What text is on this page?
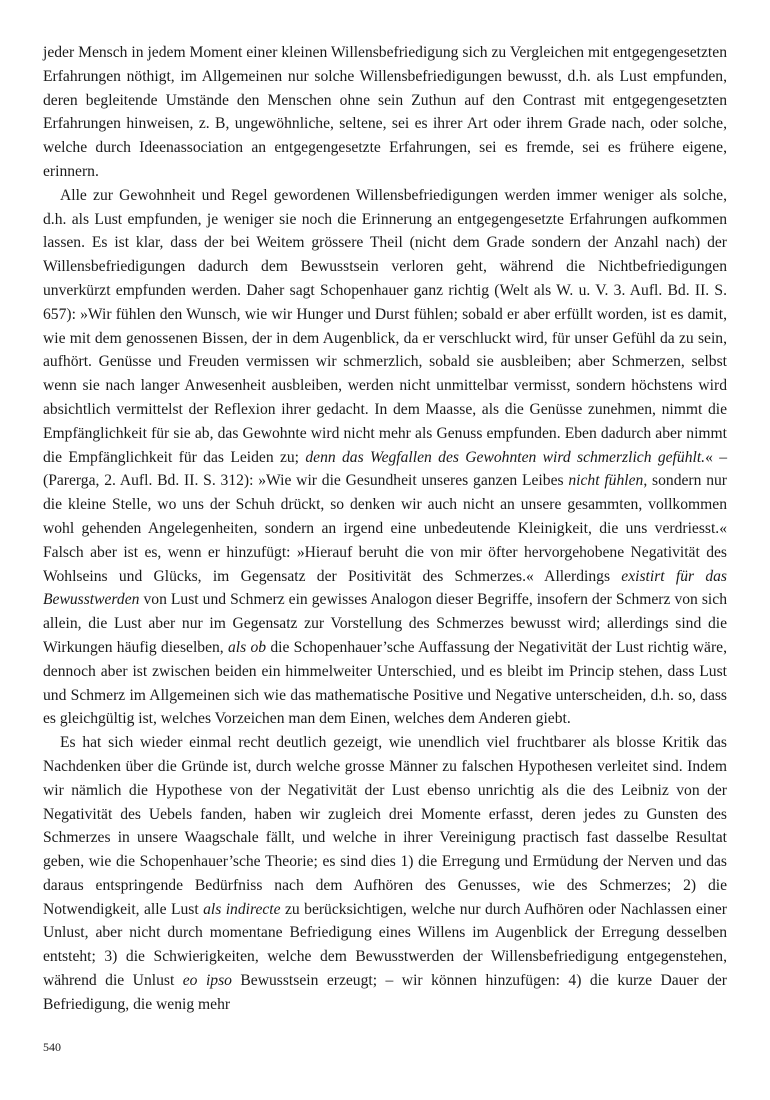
jeder Mensch in jedem Moment einer kleinen Willensbefriedigung sich zu Vergleichen mit entgegengesetzten Erfahrungen nöthigt, im Allgemeinen nur solche Willensbefriedigungen bewusst, d.h. als Lust empfunden, deren begleitende Umstände den Menschen ohne sein Zuthun auf den Contrast mit entgegengesetzten Erfahrungen hinweisen, z. B, ungewöhnliche, seltene, sei es ihrer Art oder ihrem Grade nach, oder solche, welche durch Ideenassociation an entgegengesetzte Erfahrungen, sei es fremde, sei es frühere eigene, erinnern.

Alle zur Gewohnheit und Regel gewordenen Willensbefriedigungen werden immer weniger als solche, d.h. als Lust empfunden, je weniger sie noch die Erinnerung an entgegengesetzte Erfahrungen aufkommen lassen. Es ist klar, dass der bei Weitem grössere Theil (nicht dem Grade sondern der Anzahl nach) der Willensbefriedigungen dadurch dem Bewusstsein verloren geht, während die Nichtbefriedigungen unverkürzt empfunden werden. Daher sagt Schopenhauer ganz richtig (Welt als W. u. V. 3. Aufl. Bd. II. S. 657): »Wir fühlen den Wunsch, wie wir Hunger und Durst fühlen; sobald er aber erfüllt worden, ist es damit, wie mit dem genossenen Bissen, der in dem Augenblick, da er verschluckt wird, für unser Gefühl da zu sein, aufhört. Genüsse und Freuden vermissen wir schmerzlich, sobald sie ausbleiben; aber Schmerzen, selbst wenn sie nach langer Anwesenheit ausbleiben, werden nicht unmittelbar vermisst, sondern höchstens wird absichtlich vermittelst der Reflexion ihrer gedacht. In dem Maasse, als die Genüsse zunehmen, nimmt die Empfänglichkeit für sie ab, das Gewohnte wird nicht mehr als Genuss empfunden. Eben dadurch aber nimmt die Empfänglichkeit für das Leiden zu; denn das Wegfallen des Gewohnten wird schmerzlich gefühlt.« – (Parerga, 2. Aufl. Bd. II. S. 312): »Wie wir die Gesundheit unseres ganzen Leibes nicht fühlen, sondern nur die kleine Stelle, wo uns der Schuh drückt, so denken wir auch nicht an unsere gesammten, vollkommen wohl gehenden Angelegenheiten, sondern an irgend eine unbedeutende Kleinigkeit, die uns verdriesst.« Falsch aber ist es, wenn er hinzufügt: »Hierauf beruht die von mir öfter hervorgehobene Negativität des Wohlseins und Glücks, im Gegensatz der Positivität des Schmerzes.« Allerdings existirt für das Bewusstwerden von Lust und Schmerz ein gewisses Analogon dieser Begriffe, insofern der Schmerz von sich allein, die Lust aber nur im Gegensatz zur Vorstellung des Schmerzes bewusst wird; allerdings sind die Wirkungen häufig dieselben, als ob die Schopenhauer’sche Auffassung der Negativität der Lust richtig wäre, dennoch aber ist zwischen beiden ein himmelweiter Unterschied, und es bleibt im Princip stehen, dass Lust und Schmerz im Allgemeinen sich wie das mathematische Positive und Negative unterscheiden, d.h. so, dass es gleichgültig ist, welches Vorzeichen man dem Einen, welches dem Anderen giebt.

Es hat sich wieder einmal recht deutlich gezeigt, wie unendlich viel fruchtbarer als blosse Kritik das Nachdenken über die Gründe ist, durch welche grosse Männer zu falschen Hypothesen verleitet sind. Indem wir nämlich die Hypothese von der Negativität der Lust ebenso unrichtig als die des Leibniz von der Negativität des Uebels fanden, haben wir zugleich drei Momente erfasst, deren jedes zu Gunsten des Schmerzes in unsere Waagschale fällt, und welche in ihrer Vereinigung practisch fast dasselbe Resultat geben, wie die Schopenhauer’sche Theorie; es sind dies 1) die Erregung und Ermüdung der Nerven und das daraus entspringende Bedürfniss nach dem Aufhören des Genusses, wie des Schmerzes; 2) die Notwendigkeit, alle Lust als indirecte zu berücksichtigen, welche nur durch Aufhören oder Nachlassen einer Unlust, aber nicht durch momentane Befriedigung eines Willens im Augenblick der Erregung desselben entsteht; 3) die Schwierigkeiten, welche dem Bewusstwerden der Willensbefriedigung entgegenstehen, während die Unlust eo ipso Bewusstsein erzeugt; – wir können hinzufügen: 4) die kurze Dauer der Befriedigung, die wenig mehr

540
